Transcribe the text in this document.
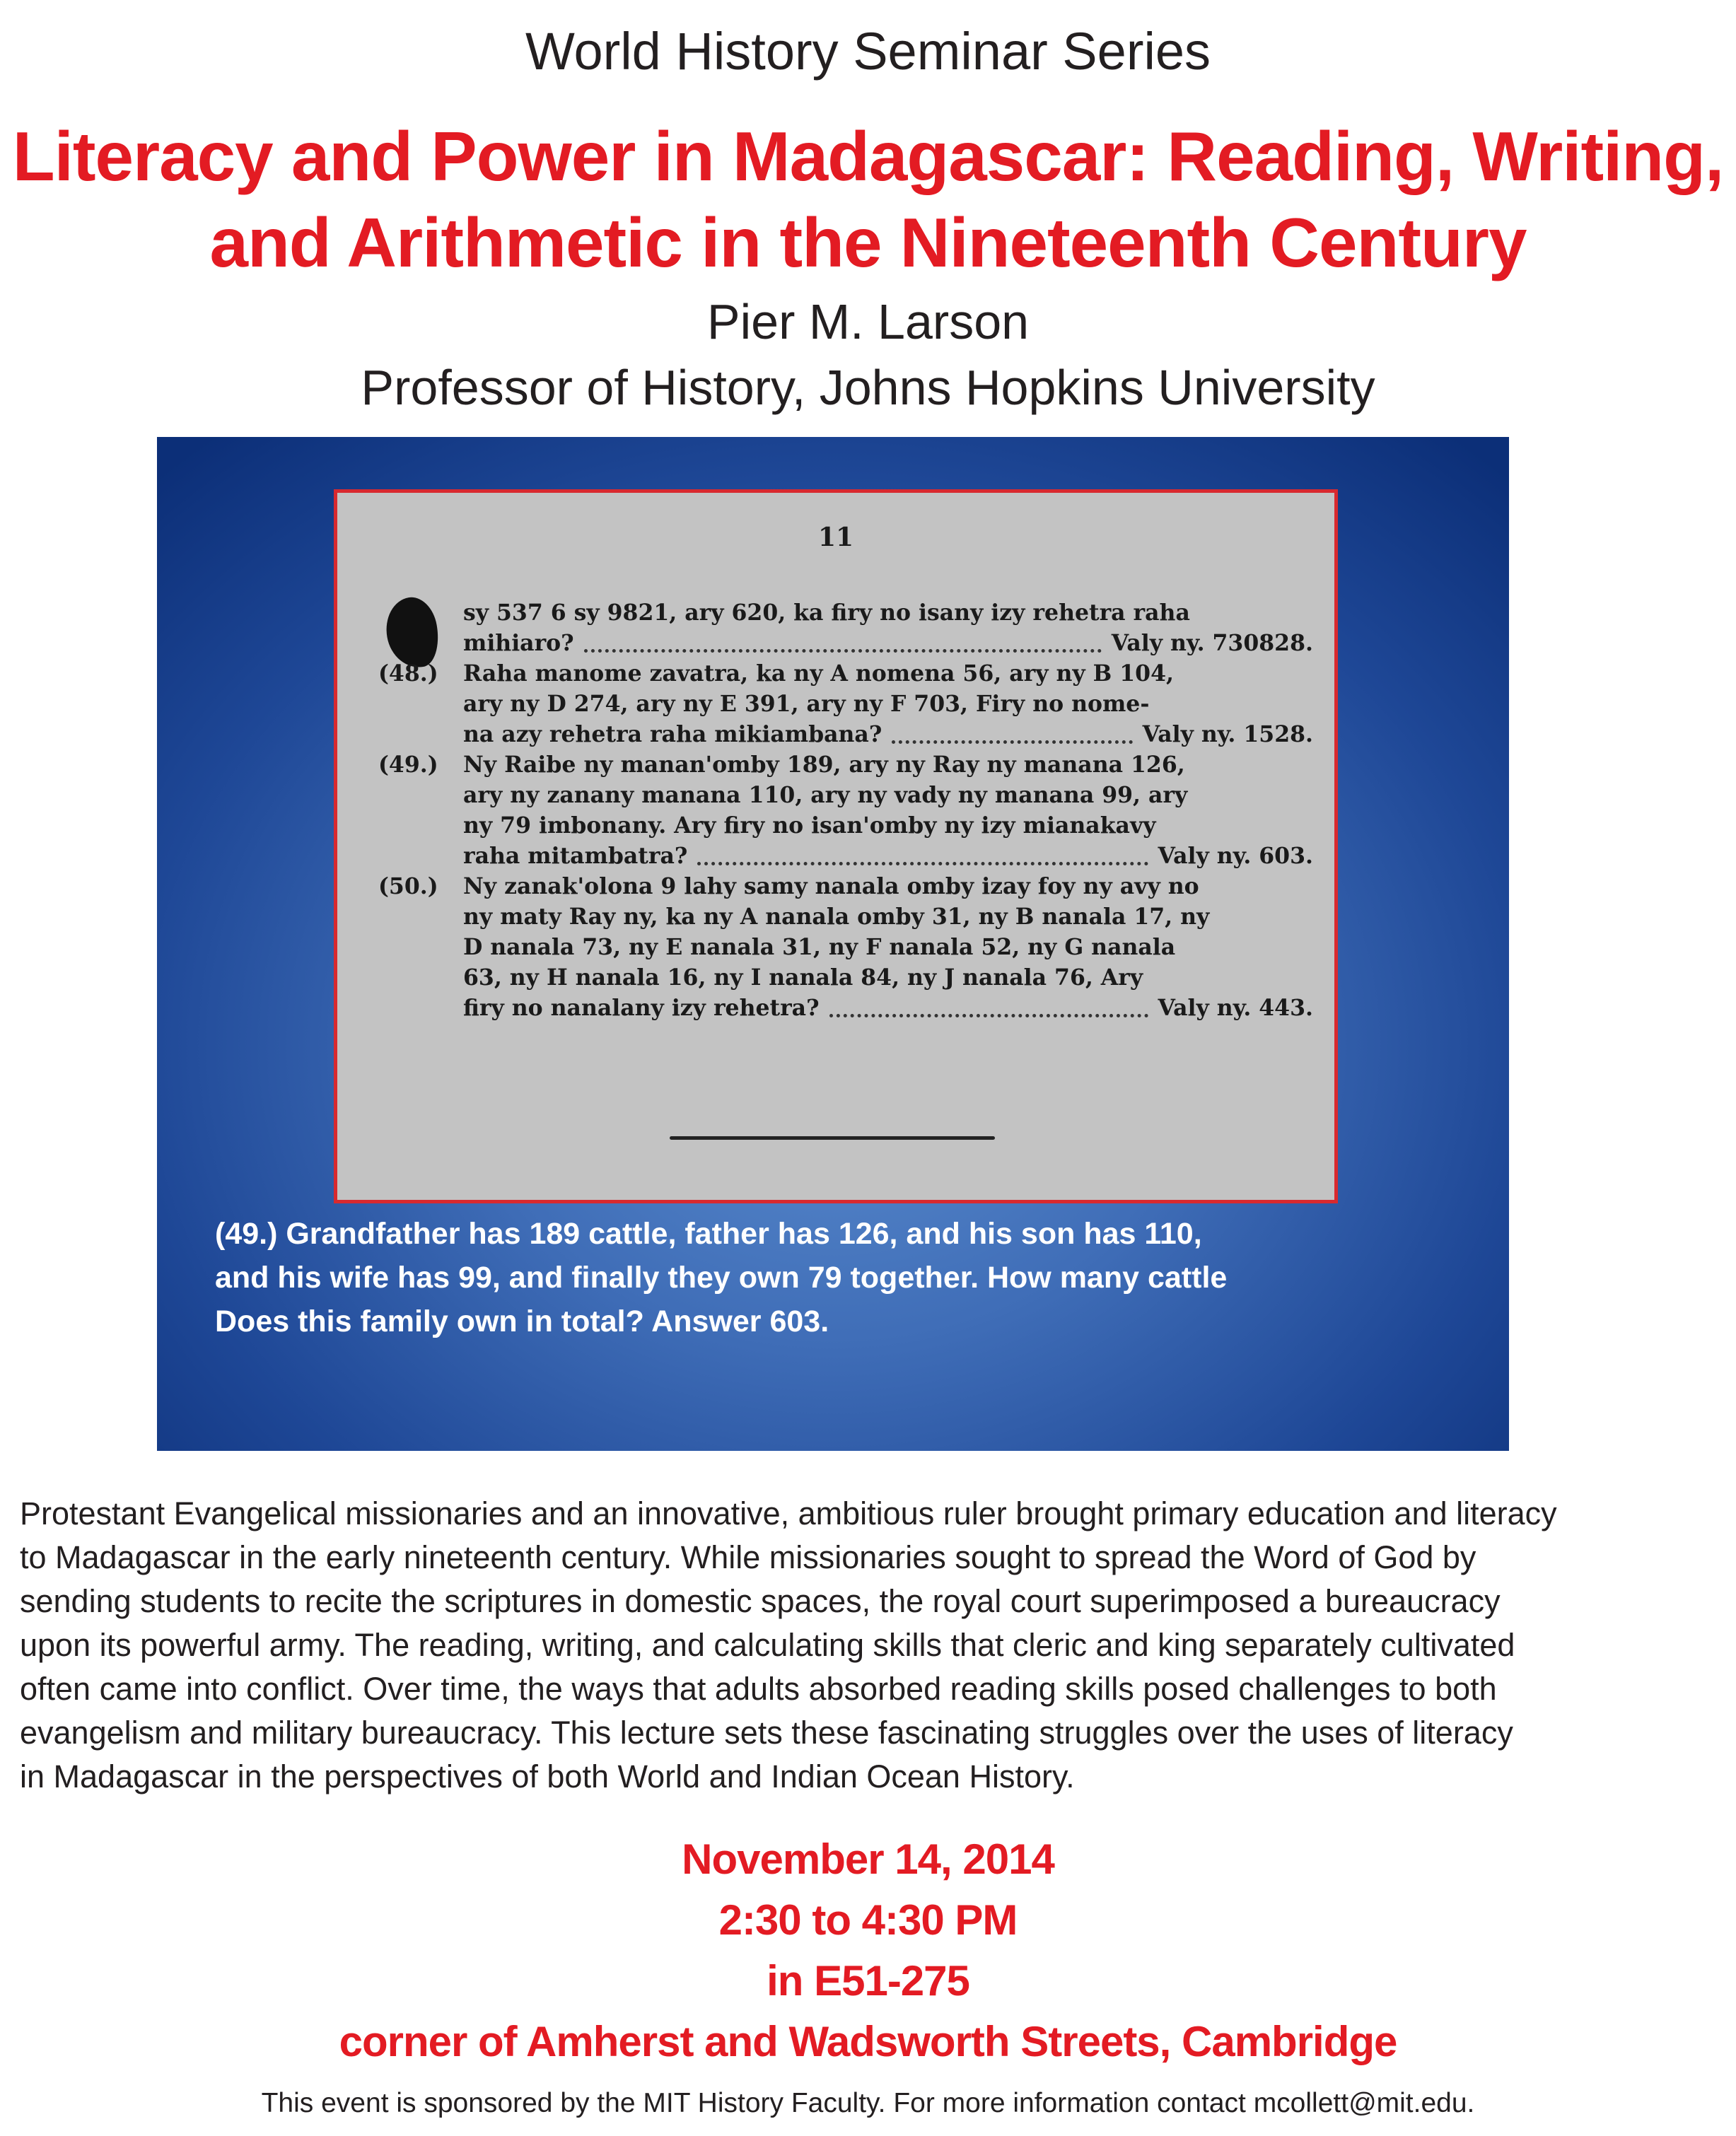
World History Seminar Series
Literacy and Power in Madagascar: Reading, Writing,
and Arithmetic in the Nineteenth Century
Pier M. Larson
Professor of History, Johns Hopkins University
11
sy 537 6 sy 9821, ary 620, ka firy no isany izy rehetra raha
mihiaro?	Valy ny. 730828.
(48.) Raha manome zavatra, ka ny A nomena 56, ary ny B 104,
ary ny D 274, ary ny E 391, ary ny F 703, Firy no nome-
na azy rehetra raha mikiambana?	Valy ny. 1528.
(49.) Ny Raibe ny manan'omby 189, ary ny Ray ny manana 126,
ary ny zanany manana 110, ary ny vady ny manana 99, ary
ny 79 imbonany. Ary firy no isan'omby ny izy mianakavy
raha mitambatra?	Valy ny. 603.
(50.) Ny zanak'olona 9 lahy samy nanala omby izay foy ny avy no
ny maty Ray ny, ka ny A nanala omby 31, ny B nanala 17, ny
D nanala 73, ny E nanala 31, ny F nanala 52, ny G nanala
63, ny H nanala 16, ny I nanala 84, ny J nanala 76, Ary
firy no nanalany izy rehetra?	Valy ny. 443.
(49.) Grandfather has 189 cattle, father has 126, and his son has 110,
and his wife has 99, and finally they own 79 together. How many cattle
Does this family own in total? Answer 603.
Protestant Evangelical missionaries and an innovative, ambitious ruler brought primary education and literacy
to Madagascar in the early nineteenth century. While missionaries sought to spread the Word of God by
sending students to recite the scriptures in domestic spaces, the royal court superimposed a bureaucracy
upon its powerful army. The reading, writing, and calculating skills that cleric and king separately cultivated
often came into conflict. Over time, the ways that adults absorbed reading skills posed challenges to both
evangelism and military bureaucracy. This lecture sets these fascinating struggles over the uses of literacy
in Madagascar in the perspectives of both World and Indian Ocean History.
November 14, 2014
2:30 to 4:30 PM
in E51-275
corner of Amherst and Wadsworth Streets, Cambridge
This event is sponsored by the MIT History Faculty. For more information contact mcollett@mit.edu.
